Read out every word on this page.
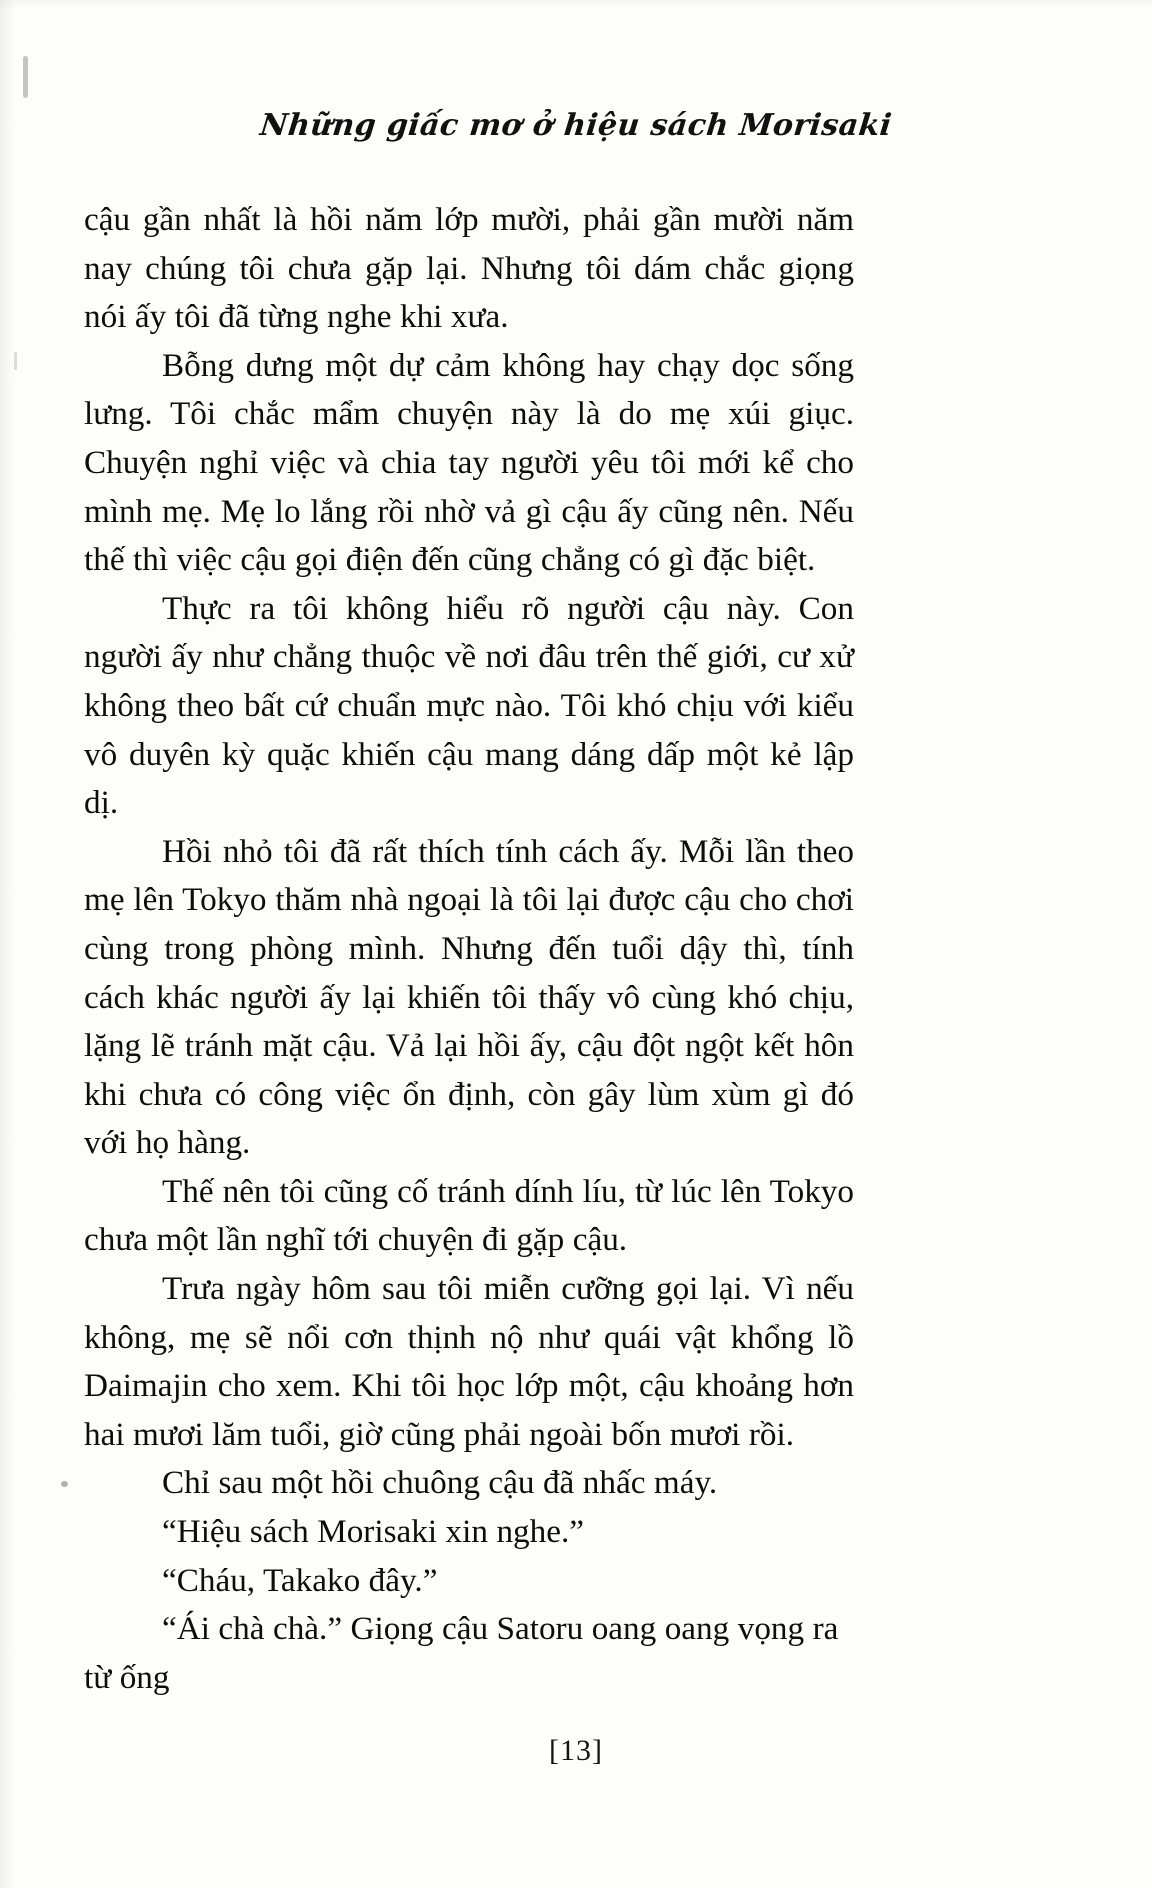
Những giấc mơ ở hiệu sách Morisaki

cậu gần nhất là hồi năm lớp mười, phải gần mười năm nay chúng tôi chưa gặp lại. Nhưng tôi dám chắc giọng nói ấy tôi đã từng nghe khi xưa.

Bỗng dưng một dự cảm không hay chạy dọc sống lưng. Tôi chắc mẩm chuyện này là do mẹ xúi giục. Chuyện nghỉ việc và chia tay người yêu tôi mới kể cho mình mẹ. Mẹ lo lắng rồi nhờ vả gì cậu ấy cũng nên. Nếu thế thì việc cậu gọi điện đến cũng chẳng có gì đặc biệt.

Thực ra tôi không hiểu rõ người cậu này. Con người ấy như chẳng thuộc về nơi đâu trên thế giới, cư xử không theo bất cứ chuẩn mực nào. Tôi khó chịu với kiểu vô duyên kỳ quặc khiến cậu mang dáng dấp một kẻ lập dị.

Hồi nhỏ tôi đã rất thích tính cách ấy. Mỗi lần theo mẹ lên Tokyo thăm nhà ngoại là tôi lại được cậu cho chơi cùng trong phòng mình. Nhưng đến tuổi dậy thì, tính cách khác người ấy lại khiến tôi thấy vô cùng khó chịu, lặng lẽ tránh mặt cậu. Vả lại hồi ấy, cậu đột ngột kết hôn khi chưa có công việc ổn định, còn gây lùm xùm gì đó với họ hàng.

Thế nên tôi cũng cố tránh dính líu, từ lúc lên Tokyo chưa một lần nghĩ tới chuyện đi gặp cậu.

Trưa ngày hôm sau tôi miễn cưỡng gọi lại. Vì nếu không, mẹ sẽ nổi cơn thịnh nộ như quái vật khổng lồ Daimajin cho xem. Khi tôi học lớp một, cậu khoảng hơn hai mươi lăm tuổi, giờ cũng phải ngoài bốn mươi rồi.

Chỉ sau một hồi chuông cậu đã nhấc máy.

“Hiệu sách Morisaki xin nghe.”

“Cháu, Takako đây.”

“Ái chà chà.” Giọng cậu Satoru oang oang vọng ra từ ống

[13]
